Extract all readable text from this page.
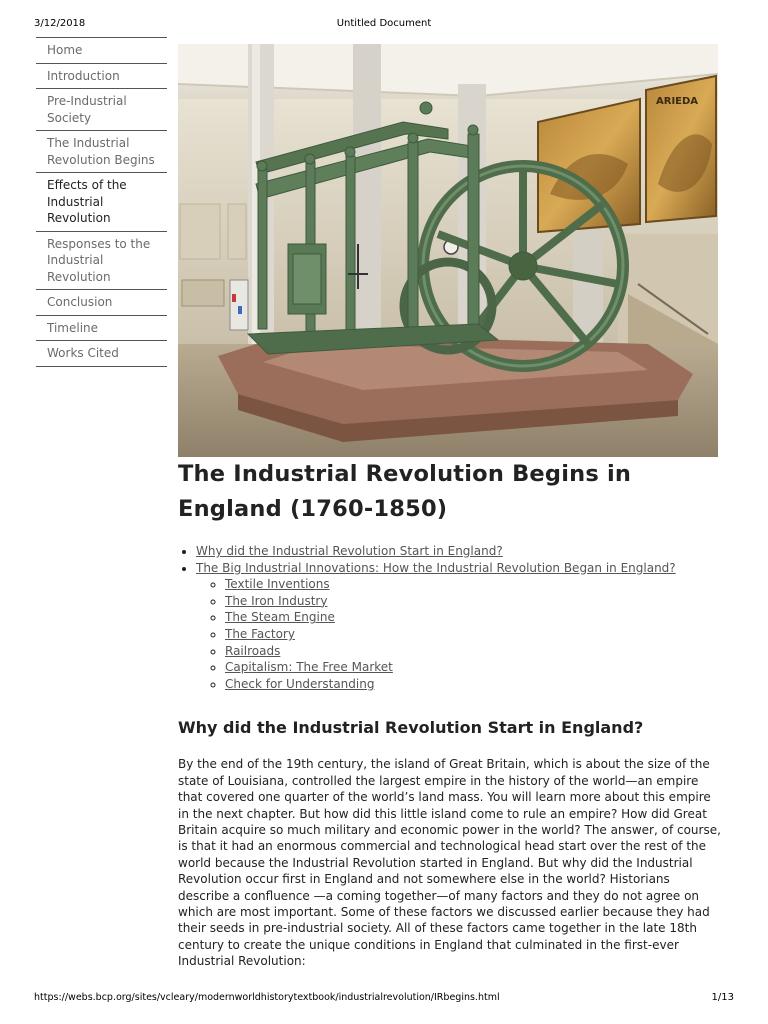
3/12/2018	Untitled Document
Home
Introduction
Pre-Industrial Society
The Industrial Revolution Begins
Effects of the Industrial Revolution
Responses to the Industrial Revolution
Conclusion
Timeline
Works Cited
ARIEDA
The Industrial Revolution Begins in England (1760-1850)
• Why did the Industrial Revolution Start in England?
• The Big Industrial Innovations: How the Industrial Revolution Began in England?
◦ Textile Inventions
◦ The Iron Industry
◦ The Steam Engine
◦ The Factory
◦ Railroads
◦ Capitalism: The Free Market
◦ Check for Understanding
Why did the Industrial Revolution Start in England?

By the end of the 19th century, the island of Great Britain, which is about the size of the state of Louisiana, controlled the largest empire in the history of the world—an empire that covered one quarter of the world’s land mass. You will learn more about this empire in the next chapter. But how did this little island come to rule an empire? How did Great Britain acquire so much military and economic power in the world? The answer, of course, is that it had an enormous commercial and technological head start over the rest of the world because the Industrial Revolution started in England. But why did the Industrial Revolution occur first in England and not somewhere else in the world? Historians describe a confluence —a coming together—of many factors and they do not agree on which are most important. Some of these factors we discussed earlier because they had their seeds in pre-industrial society. All of these factors came together in the late 18th century to create the unique conditions in England that culminated in the first-ever Industrial Revolution:

https://webs.bcp.org/sites/vcleary/modernworldhistorytextbook/industrialrevolution/IRbegins.html	1/13
